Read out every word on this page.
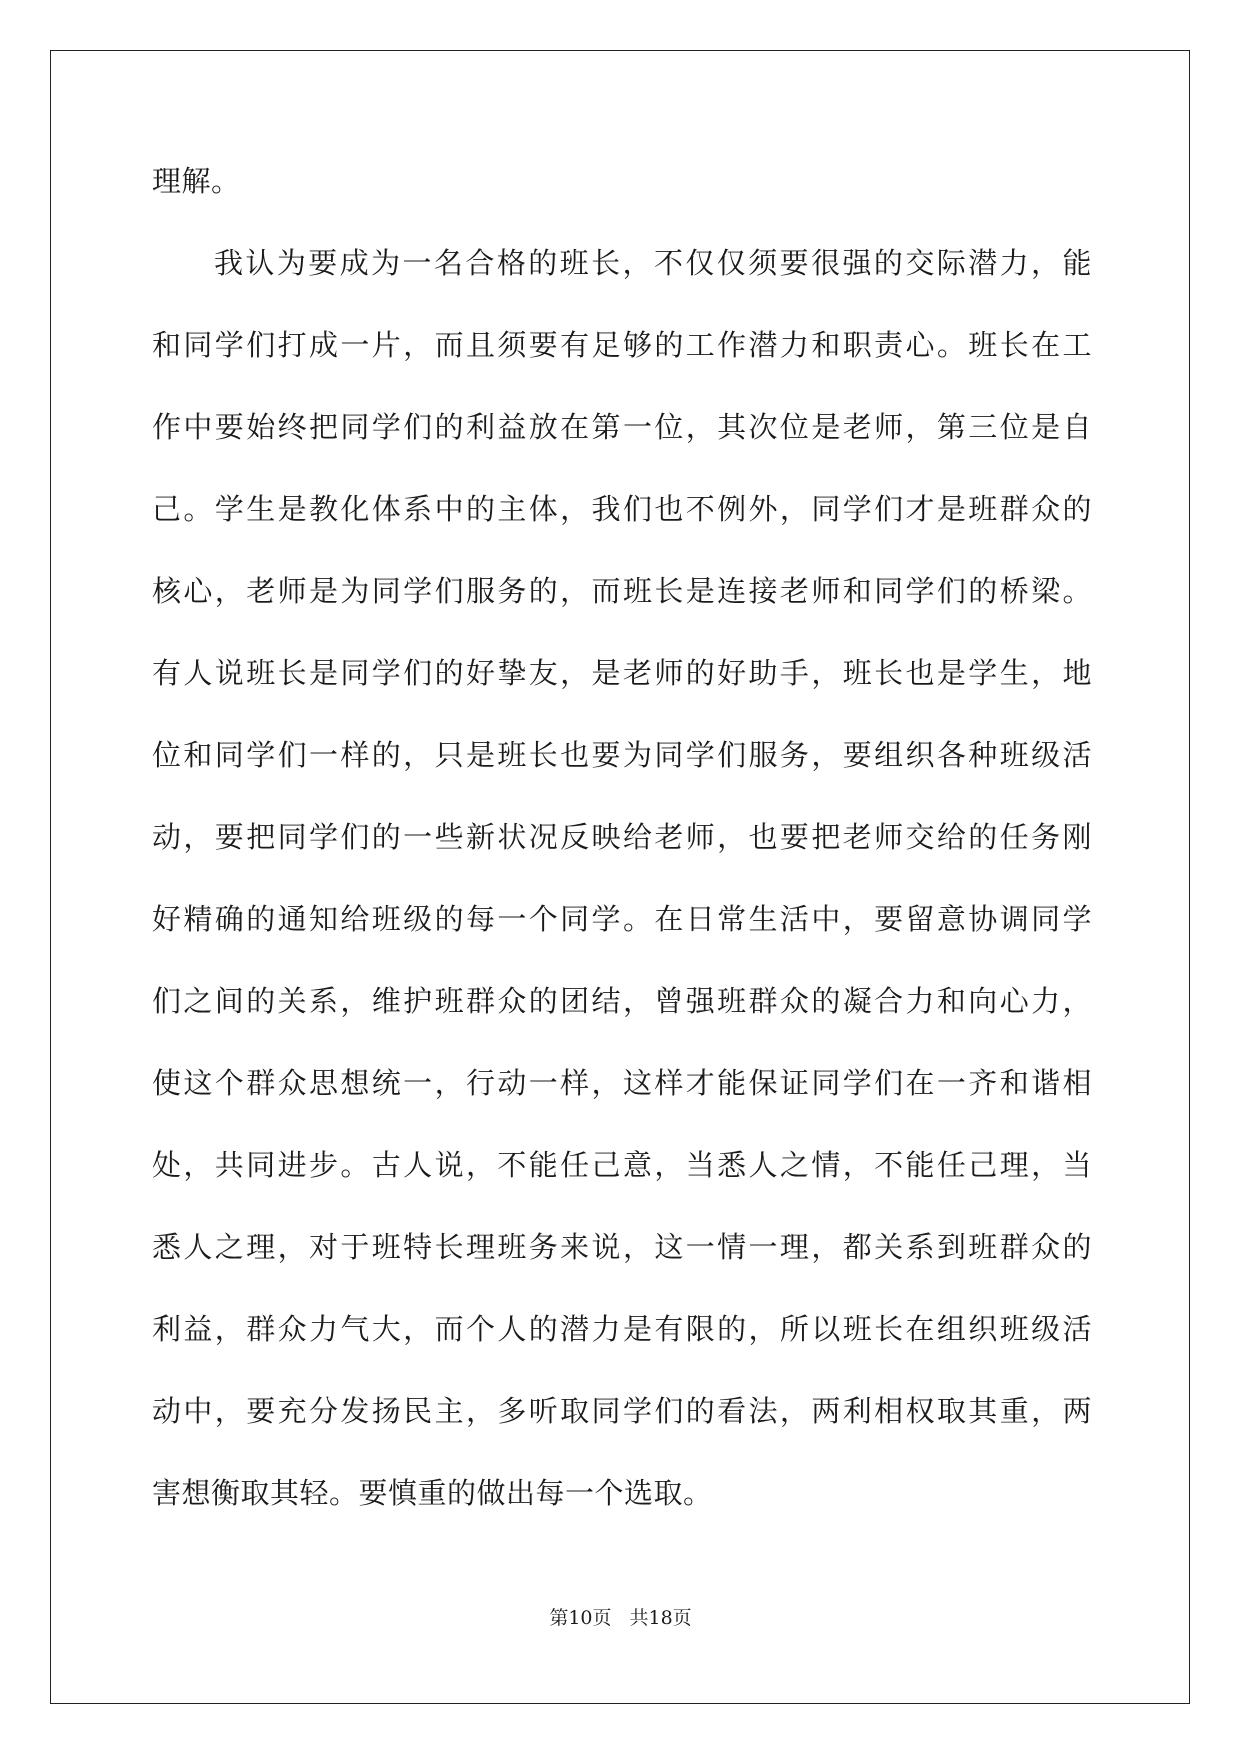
理解。
我认为要成为一名合格的班长，不仅仅须要很强的交际潜力，能
和同学们打成一片，而且须要有足够的工作潜力和职责心。班长在工
作中要始终把同学们的利益放在第一位，其次位是老师，第三位是自
己。学生是教化体系中的主体，我们也不例外，同学们才是班群众的
核心，老师是为同学们服务的，而班长是连接老师和同学们的桥梁。
有人说班长是同学们的好挚友，是老师的好助手，班长也是学生，地
位和同学们一样的，只是班长也要为同学们服务，要组织各种班级活
动，要把同学们的一些新状况反映给老师，也要把老师交给的任务刚
好精确的通知给班级的每一个同学。在日常生活中，要留意协调同学
们之间的关系，维护班群众的团结，曾强班群众的凝合力和向心力，
使这个群众思想统一，行动一样，这样才能保证同学们在一齐和谐相
处，共同进步。古人说，不能任己意，当悉人之情，不能任己理，当
悉人之理，对于班特长理班务来说，这一情一理，都关系到班群众的
利益，群众力气大，而个人的潜力是有限的，所以班长在组织班级活
动中，要充分发扬民主，多听取同学们的看法，两利相权取其重，两
害想衡取其轻。要慎重的做出每一个选取。
第10页 共18页
